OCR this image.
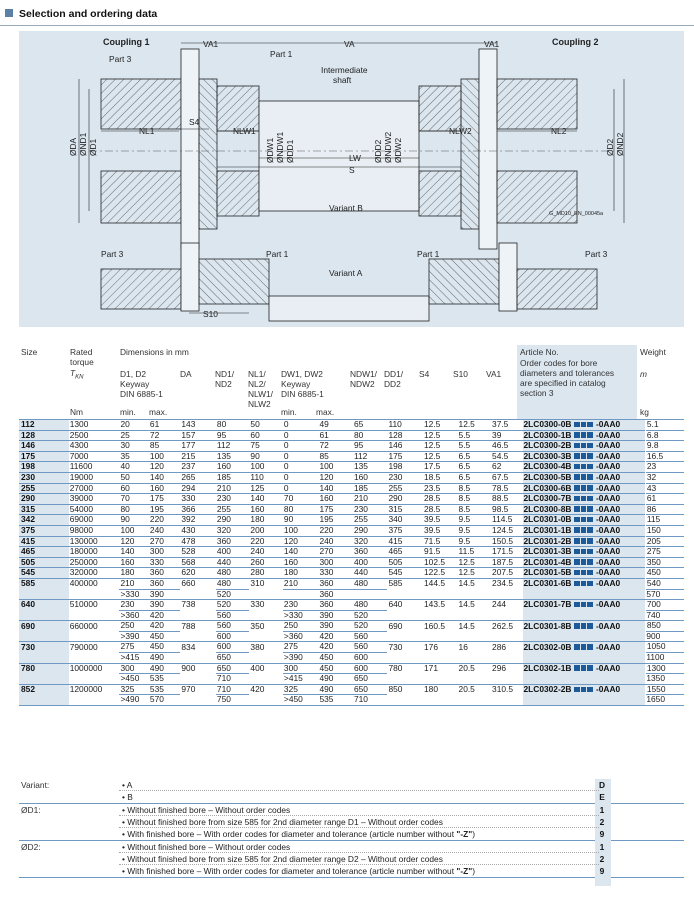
Selection and ordering data
Coupling 1	Coupling 2
Part 1
Part 3
VA1	VA	VA1
Intermediate
shaft
NL1
S4
NLW1	NLW2	NL2
LW
S
Variant B
Variant A
Part 3	Part 1	Part 1	Part 3
S10
G_MD10_EN_00045a
ØDA ØND1 ØD1	ØDW1 ØNDW1 ØDD1	ØDD2 ØNDW2 ØDW2	ØD2 ØND2
Size	Rated
torque
$T_{KN}$
Dimensions in mm
D1, D2
Keyway
DIN 6885-1
DA	ND1/
ND2
NL1/
NL2/
NLW1/
NLW2
DW1, DW2
Keyway
DIN 6885-1
NDW1/
NDW2
DD1/
DD2
S4	S10 VA1
Article No.
Order codes for bore
diameters and tolerances
are specified in catalog
section 3
Weight
m
Nm	min. max.	min. max.	kg
112	1300	20	61	143	80	50	0	49	65	110	12.5	12.5	37.5	2LC0300-0B -0AA0	5.1
128	2500	25	72	157	95	60	0	61	80	128	12.5	5.5	39	2LC0300-1B -0AA0	6.8
146	4300	30	85	177	112	75	0	72	95	146	12.5	5.5	46.5	2LC0300-2B -0AA0	9.8
175	7000	35	100	215	135	90	0	85	112	175	12.5	6.5	54.5	2LC0300-3B -0AA0	16.5
198	11600	40	120	237	160	100	0	100	135	198	17.5	6.5	62	2LC0300-4B -0AA0	23
230	19000	50	140	265	185	110	0	120	160	230	18.5	6.5	67.5	2LC0300-5B -0AA0	32
255	27000	60	160	294	210	125	0	140	185	255	23.5	8.5	78.5	2LC0300-6B -0AA0	43
290	39000	70	175	330	230	140	70	160	210	290	28.5	8.5	88.5	2LC0300-7B -0AA0	61
315	54000	80	195	366	255	160	80	175	230	315	28.5	8.5	98.5	2LC0300-8B -0AA0	86
342	69000	90	220	392	290	180	90	195	255	340	39.5	9.5	114.5	2LC0301-0B -0AA0	115
375	98000	100	240	430	320	200	100	220	290	375	39.5	9.5	124.5	2LC0301-1B -0AA0	150
415	130000	120	270	478	360	220	120	240	320	415	71.5	9.5	150.5	2LC0301-2B -0AA0	205
465	180000	140	300	528	400	240	140	270	360	465	91.5	11.5	171.5	2LC0301-3B -0AA0	275
505	250000	160	330	568	440	260	160	300	400	505	102.5	12.5	187.5	2LC0301-4B -0AA0	350
545	320000	180	360	620	480	280	180	330	440	545	122.5	12.5	207.5	2LC0301-5B -0AA0	450
585	400000	210	360	660	480	310	210	360	480	585	144.5	14.5	234.5	2LC0301-6B -0AA0	540
		>330	390		520			360							570
640	510000	230	390	738	520	330	230	360	480	640	143.5	14.5	244	2LC0301-7B -0AA0	700
		>360	420		560		>330	390	520						740
690	660000	250	420	788	560	350	250	390	520	690	160.5	14.5	262.5	2LC0301-8B -0AA0	850
		>390	450		600		>360	420	560						900
730	790000	275	450	834	600	380	275	420	560	730	176	16	286	2LC0302-0B -0AA0	1050
		>415	490		650		>390	450	600						1100
780	1000000	300	490	900	650	400	300	450	600	780	171	20.5	296	2LC0302-1B -0AA0	1300
		>450	535		710		>415	490	650						1350
852	1200000	325	535	970	710	420	325	490	650	850	180	20.5	310.5	2LC0302-2B -0AA0	1550
		>490	570		750		>450	535	710						1650
Variant:	• A	D
• B	E
ØD1:	• Without finished bore – Without order codes	1
• Without finished bore from size 585 for 2nd diameter range D1 – Without order codes	2
• With finished bore – With order codes for diameter and tolerance (article number without "-Z")	9
ØD2:	• Without finished bore – Without order codes	1
• Without finished bore from size 585 for 2nd diameter range D2 – Without order codes	2
• With finished bore – With order codes for diameter and tolerance (article number without "-Z")	9
